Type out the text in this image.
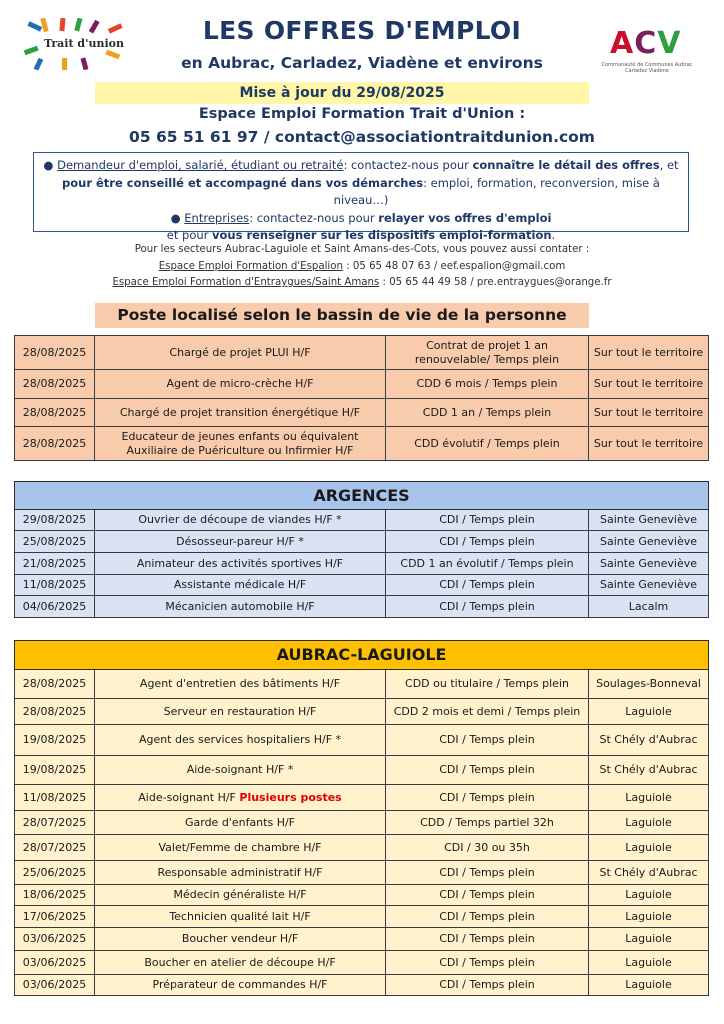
Trait d'union	ACV
Communauté de Communes Aubrac Carladez Viadène
LES OFFRES D'EMPLOI
en Aubrac, Carladez, Viadène et environs
Mise à jour du 29/08/2025
Espace Emploi Formation Trait d'Union :
05 65 51 61 97 / contact@associationtraitdunion.com
● Demandeur d'emploi, salarié, étudiant ou retraité: contactez-nous pour connaître le détail des offres, et
pour être conseillé et accompagné dans vos démarches: emploi, formation, reconversion, mise à niveau…)
● Entreprises: contactez-nous pour relayer vos offres d'emploi
et pour vous renseigner sur les dispositifs emploi-formation.
Pour les secteurs Aubrac-Laguiole et Saint Amans-des-Cots, vous pouvez aussi contater :
Espace Emploi Formation d'Espalion : 05 65 48 07 63 / eef.espalion@gmail.com
Espace Emploi Formation d'Entraygues/Saint Amans : 05 65 44 49 58 / pre.entraygues@orange.fr
Poste localisé selon le bassin de vie de la personne
28/08/2025	Chargé de projet PLUI H/F	Contrat de projet 1 an renouvelable/ Temps plein	Sur tout le territoire
28/08/2025	Agent de micro-crèche H/F	CDD 6 mois / Temps plein	Sur tout le territoire
28/08/2025	Chargé de projet transition énergétique H/F	CDD 1 an / Temps plein	Sur tout le territoire
28/08/2025	Educateur de jeunes enfants ou équivalent Auxiliaire de Puériculture ou Infirmier H/F	CDD évolutif / Temps plein	Sur tout le territoire
ARGENCES			
29/08/2025	Ouvrier de découpe de viandes H/F *	CDI / Temps plein	Sainte Geneviève
25/08/2025	Désosseur-pareur H/F *	CDI / Temps plein	Sainte Geneviève
21/08/2025	Animateur des activités sportives H/F	CDD 1 an évolutif / Temps plein	Sainte Geneviève
11/08/2025	Assistante médicale H/F	CDI / Temps plein	Sainte Geneviève
04/06/2025	Mécanicien automobile H/F	CDI / Temps plein	Lacalm
AUBRAC-LAGUIOLE			
28/08/2025	Agent d'entretien des bâtiments H/F	CDD ou titulaire / Temps plein	Soulages-Bonneval
28/08/2025	Serveur en restauration H/F	CDD 2 mois et demi / Temps plein	Laguiole
19/08/2025	Agent des services hospitaliers H/F *	CDI / Temps plein	St Chély d'Aubrac
19/08/2025	Aide-soignant H/F *	CDI / Temps plein	St Chély d'Aubrac
11/08/2025	Aide-soignant H/F Plusieurs postes	CDI / Temps plein	Laguiole
28/07/2025	Garde d'enfants H/F	CDD / Temps partiel 32h	Laguiole
28/07/2025	Valet/Femme de chambre H/F	CDI / 30 ou 35h	Laguiole
25/06/2025	Responsable administratif H/F	CDI / Temps plein	St Chély d'Aubrac
18/06/2025	Médecin généraliste H/F	CDI / Temps plein	Laguiole
17/06/2025	Technicien qualité lait H/F	CDI / Temps plein	Laguiole
03/06/2025	Boucher vendeur H/F	CDI / Temps plein	Laguiole
03/06/2025	Boucher en atelier de découpe H/F	CDI / Temps plein	Laguiole
03/06/2025	Préparateur de commandes H/F	CDI / Temps plein	Laguiole
